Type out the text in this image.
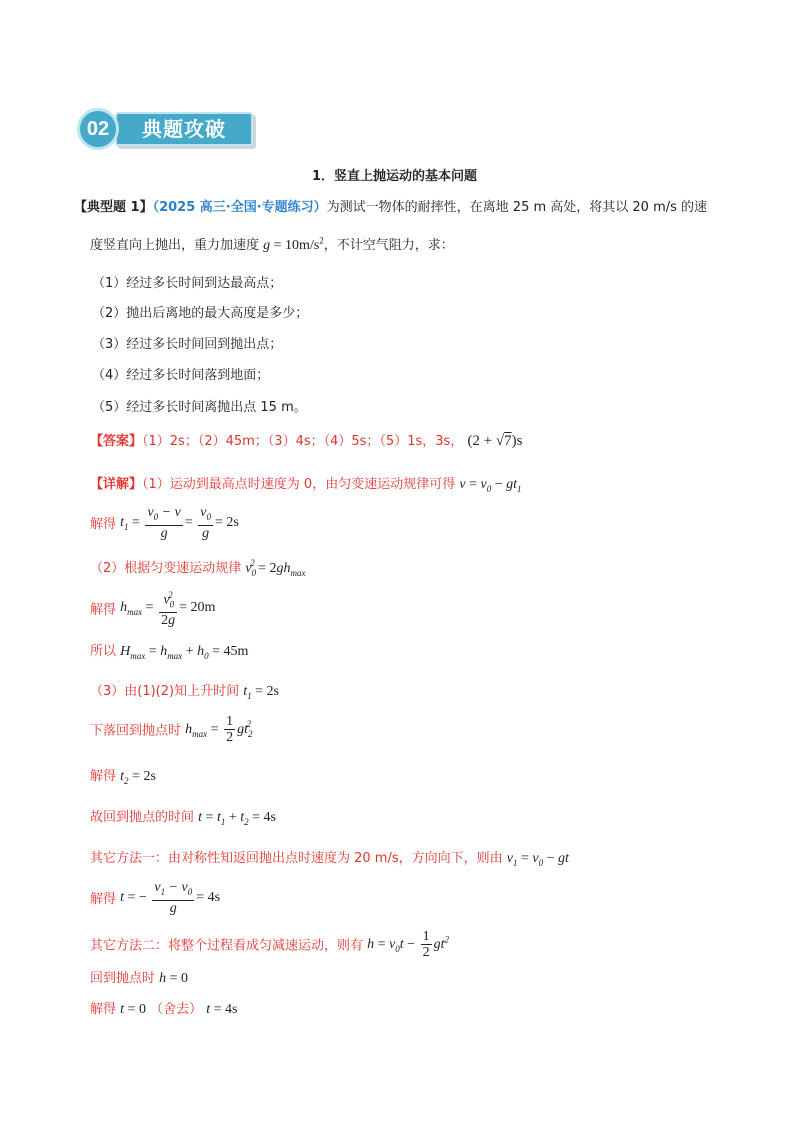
典题攻破
02
1．竖直上抛运动的基本问题
【典型题 1】（2025 高三·全国·专题练习）为测试一物体的耐摔性，在离地 25 m 高处，将其以 20 m/s 的速
度竖直向上抛出，重力加速度 $g = 10m/s^2$，不计空气阻力，求：
（1）经过多长时间到达最高点；
（2）抛出后离地的最大高度是多少；
（3）经过多长时间回到抛出点；
（4）经过多长时间落到地面；
（5）经过多长时间离抛出点 15 m。
【答案】（1）2s；（2）45m；（3）4s；（4）5s；（5）1s，3s， (2 + √7)s
【详解】（1）运动到最高点时速度为 0，由匀变速运动规律可得 $v = v_0 - gt_1$
解得 $t_1 = \frac{v_0 - v}{g} = \frac{v_0}{g} = 2s$
（2）根据匀变速运动规律 $v_0^2 = 2gh_{max}$
解得 $h_{max} = \frac{v_0^2}{2g} = 20m$
所以 $H_{max} = h_{max} + h_0 = 45m$
（3）由(1)(2)知上升时间 $t_1 = 2s$
下落回到抛点时 $h_{max} = \frac{1}{2} gt_2^2$
解得 $t_2 = 2s$
故回到抛点的时间 $t = t_1 + t_2 = 4s$
其它方法一：由对称性知返回抛出点时速度为 20 m/s，方向向下，则由 $v_1 = v_0$ − gt
解得 t = − $\frac{v_1 - v_0}{g} = 4s$
其它方法二：将整个过程看成匀减速运动，则有 $h = v_0t - \frac{1}{2} gt^2$
回到抛点时 h = 0
解得 t = 0 （舍去） t = 4s
